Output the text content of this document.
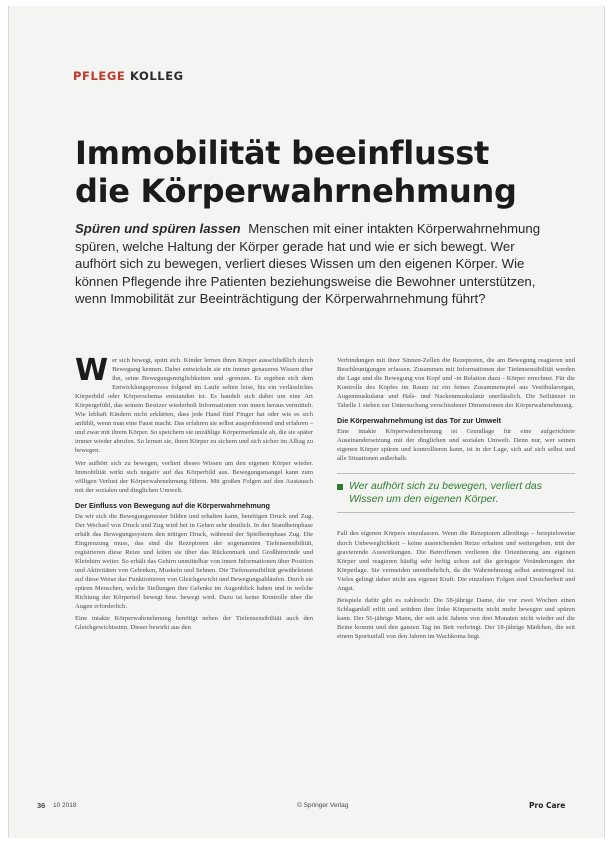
PFLEGE KOLLEG
Immobilität beeinflusst
die Körperwahrnehmung
Spüren und spüren lassen Menschen mit einer intakten Körperwahrnehmung spüren, welche Haltung der Körper gerade hat und wie er sich bewegt. Wer aufhört sich zu bewegen, verliert dieses Wissen um den eigenen Körper. Wie können Pflegende ihre Patienten beziehungsweise die Bewohner unterstützen, wenn Immobilität zur Beeinträchtigung der Körperwahrnehmung führt?

Wer sich bewegt, spürt sich. Kinder lernen ihren Körper ausschließlich durch Bewegung kennen. Dabei entwickeln sie ein immer genaueres Wissen über ihn, seine Bewegungsmöglichkeiten und -grenzen. Es ergeben sich dem Entwicklungsprozess folgend im Laufe selten leise, bis ein verlässliches Körperbild oder Körperschema entstanden ist. Es handelt sich dabei um eine Art Körpergefühl, das seinem Besitzer wiederholt Informationen von innen heraus vermittelt. Wie lebhaft Kindern nicht erklärten, dass jede Hand fünf Finger hat oder wie es sich anfühlt, wenn man eine Faust macht. Das erfahren sie selbst ausprobierend und erfahren – und zwar mit ihrem Körper. So speichern sie unzählige Körpermerkmale ab, die sie später immer wieder abrufen. So lernen sie, ihren Körper zu sichern und sich sicher im Alltag zu bewegen.

Wer aufhört sich zu bewegen, verliert dieses Wissen um den eigenen Körper wieder. Immobilität wirkt sich negativ auf das Körperbild aus. Bewegungsmangel kann zum völligen Verlust der Körperwahrnehmung führen. Mit großen Folgen auf den Austausch mit der sozialen und dinglichen Umwelt.

Der Einfluss von Bewegung auf die Körperwahrnehmung

Da wir sich die Bewegungsmuster bilden und erhalten kann, benötigen Druck und Zug. Der Wechsel von Druck und Zug wird bei in Gehen sehr deutlich. In der Standbeinphase erhält das Bewegungssystem den nötigen Druck, während der Spielbeinphase Zug. Die Eingrenzung muss, das sind die Rezeptoren der sogenannten Tiefensensibilität, registrieren diese Reize und leiten sie über das Rückenmark und Großhirnrinde und Kleinhirn weiter. So erhält das Gehirn unmittelbar von innen Informationen über Position und Aktivitäten von Gelenken, Muskeln und Sehnen. Die Tiefensensibilität gewährleistet auf diese Weise das Funktionieren von Gleichgewicht und Bewegungsabläufen. Durch sie spüren Menschen, welche Stellungen ihre Gelenke im Augenblick haben und in welche Richtung der Körperteil bewegt bzw. bewegt wird. Dazu ist keine Kontrolle über die Augen erforderlich.

Eine intakte Körperwahrnehmung benötigt neben der Tiefensensibilität auch den Gleichgewichtssinn. Dieser bewirkt aus den

Verbindungen mit ihrer Sinnen-Zellen die Rezeptoren, die am Bewegung reagieren und Beschleunigungen erfassen. Zusammen mit Informationen der Tiefensensibilität werden die Lage und die Bewegung von Kopf und -in Relation dazu - Körper errechnet. Für die Kontrolle des Kopfes im Raum ist ein feines Zusammenspiel aus Vestibularorgan, Augenmuskulatur und Hals- und Nackenmuskulatur unerlässlich. Die Seiltänzer in Tabelle 1 stehen zur Untersuchung verschiedener Dimensionen der Körperwahrnehmung.

Die Körperwahrnehmung ist das Tor zur Umwelt

Eine intakte Körperwahrnehmung ist Grundlage für eine aufgerichtete Auseinandersetzung mit der dinglichen und sozialen Umwelt. Denn nur, wer seinen eigenen Körper spüren und kontrollieren kann, ist in der Lage, sich auf sich selbst und alle Situationen außerhalb.

Wer aufhört sich zu bewegen, verliert das Wissen um den eigenen Körper.

Fall des eigenen Körpers einzulassen. Wenn die Rezeptoren allerdings – beispielsweise durch Unbeweglichkeit – keine ausreichenden Reize erhalten und weitergeben, tritt der gravierende Auswirkungen. Die Betroffenen verlieren die Orientierung am eigenen Körper und reagieren häufig sehr heftig schon auf die geringste Veränderungen der Körperlage. Sie vermeiden unentbehrlich, da die Wahrnehmung selbst anstrengend ist. Vieles gelingt daher nicht aus eigener Kraft. Die einzelnen Folgen sind Unsicherheit und Angst.

Beispiele dafür gibt es zahlreich: Die 58-jährige Dame, die vor zwei Wochen einen Schlaganfall erlitt und seitdem ihre linke Körperseite nicht mehr bewegen und spüren kann. Der 56-jährige Mann, der seit acht Jahren von drei Monaten nicht wieder auf die Beine kommt und den ganzen Tag im Bett verbringt. Der 18-jährige Mädchen, die seit einem Sportunfall von den Jahren im Wachkoma liegt.

36 10 2018	© Springer Verlag	Pro Care
